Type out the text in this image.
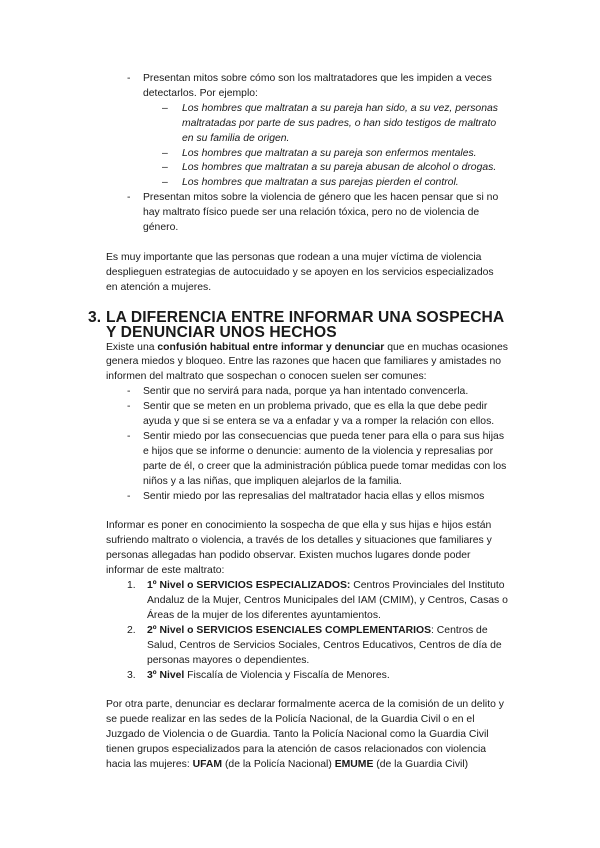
- Presentan mitos sobre cómo son los maltratadores que les impiden a veces detectarlos. Por ejemplo:
– Los hombres que maltratan a su pareja han sido, a su vez, personas maltratadas por parte de sus padres, o han sido testigos de maltrato en su familia de origen.
– Los hombres que maltratan a su pareja son enfermos mentales.
– Los hombres que maltratan a su pareja abusan de alcohol o drogas.
– Los hombres que maltratan a sus parejas pierden el control.
- Presentan mitos sobre la violencia de género que les hacen pensar que si no hay maltrato físico puede ser una relación tóxica, pero no de violencia de género.

Es muy importante que las personas que rodean a una mujer víctima de violencia desplieguen estrategias de autocuidado y se apoyen en los servicios especializados en atención a mujeres.

3. LA DIFERENCIA ENTRE INFORMAR UNA SOSPECHA Y DENUNCIAR UNOS HECHOS

Existe una confusión habitual entre informar y denunciar que en muchas ocasiones genera miedos y bloqueo. Entre las razones que hacen que familiares y amistades no informen del maltrato que sospechan o conocen suelen ser comunes:

- Sentir que no servirá para nada, porque ya han intentado convencerla.
- Sentir que se meten en un problema privado, que es ella la que debe pedir ayuda y que si se entera se va a enfadar y va a romper la relación con ellos.
- Sentir miedo por las consecuencias que pueda tener para ella o para sus hijas e hijos que se informe o denuncie: aumento de la violencia y represalias por parte de él, o creer que la administración pública puede tomar medidas con los niños y a las niñas, que impliquen alejarlos de la familia.
- Sentir miedo por las represalias del maltratador hacia ellas y ellos mismos

Informar es poner en conocimiento la sospecha de que ella y sus hijas e hijos están sufriendo maltrato o violencia, a través de los detalles y situaciones que familiares y personas allegadas han podido observar. Existen muchos lugares donde poder informar de este maltrato:

1. 1º Nivel o SERVICIOS ESPECIALIZADOS: Centros Provinciales del Instituto Andaluz de la Mujer, Centros Municipales del IAM (CMIM), y Centros, Casas o Áreas de la mujer de los diferentes ayuntamientos.
2. 2º Nivel o SERVICIOS ESENCIALES COMPLEMENTARIOS: Centros de Salud, Centros de Servicios Sociales, Centros Educativos, Centros de día de personas mayores o dependientes.
3. 3º Nivel Fiscalía de Violencia y Fiscalía de Menores.

Por otra parte, denunciar es declarar formalmente acerca de la comisión de un delito y se puede realizar en las sedes de la Policía Nacional, de la Guardia Civil o en el Juzgado de Violencia o de Guardia. Tanto la Policía Nacional como la Guardia Civil tienen grupos especializados para la atención de casos relacionados con violencia hacia las mujeres: UFAM (de la Policía Nacional) EMUME (de la Guardia Civil)
